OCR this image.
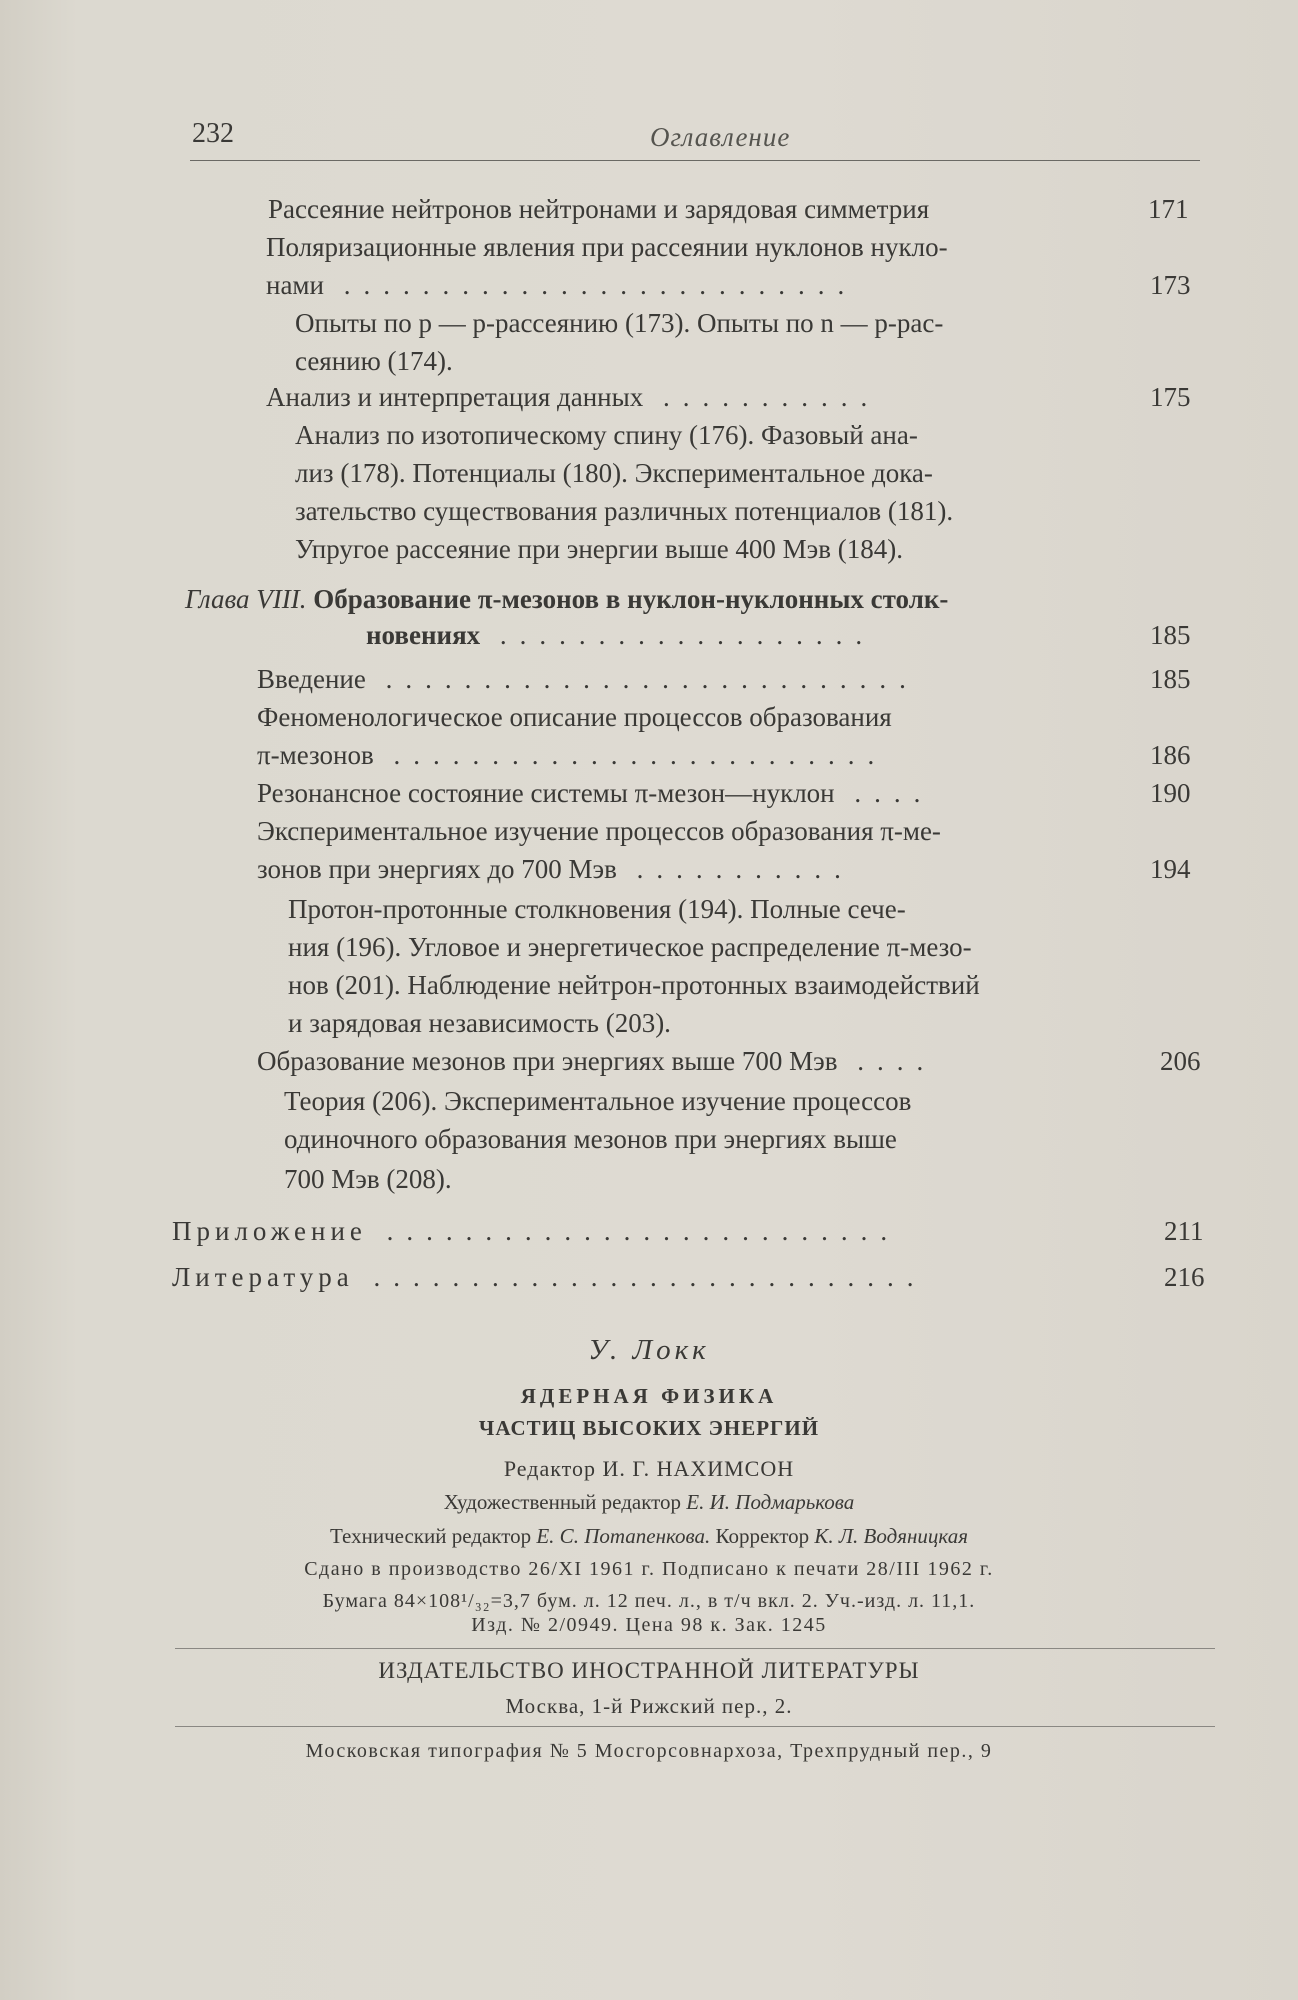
232	Оглавление
Рассеяние нейтронов нейтронами и зарядовая симметрия	171
Поляризационные явления при рассеянии нуклонов нукло-
нами ..........................	173
Опыты по p — p-рассеянию (173). Опыты по n — p-рас-
сеянию (174).
Анализ и интерпретация данных ...........	175
Анализ по изотопическому спину (176). Фазовый ана-
лиз (178). Потенциалы (180). Экспериментальное дока-
зательство существования различных потенциалов (181).
Упругое рассеяние при энергии выше 400 Мэв (184).
Глава VIII. Образование π-мезонов в нуклон-нуклонных столк-
новениях ...................	185
Введение ...........................	185
Феноменологическое описание процессов образования
π-мезонов .........................	186
Резонансное состояние системы π-мезон—нуклон ....	190
Экспериментальное изучение процессов образования π-ме-
зонов при энергиях до 700 Мэв ...........	194
Протон-протонные столкновения (194). Полные сече-
ния (196). Угловое и энергетическое распределение π-мезо-
нов (201). Наблюдение нейтрон-протонных взаимодействий
и зарядовая независимость (203).
Образование мезонов при энергиях выше 700 Мэв ....	206
Теория (206). Экспериментальное изучение процессов
одиночного образования мезонов при энергиях выше
700 Мэв (208).
Приложение ..........................	211
Литература ............................	216
У. Локк
ЯДЕРНАЯ ФИЗИКА
ЧАСТИЦ ВЫСОКИХ ЭНЕРГИЙ
Редактор И. Г. НАХИМСОН
Художественный редактор Е. И. Подмарькова
Технический редактор Е. С. Потапенкова. Корректор К. Л. Водяницкая
Сдано в производство 26/XI 1961 г. Подписано к печати 28/III 1962 г.
Бумага 84×108¹/₃₂=3,7 бум. л. 12 печ. л., в т/ч вкл. 2. Уч.-изд. л. 11,1.
Изд. № 2/0949. Цена 98 к. Зак. 1245
ИЗДАТЕЛЬСТВО ИНОСТРАННОЙ ЛИТЕРАТУРЫ
Москва, 1-й Рижский пер., 2.
Московская типография № 5 Мосгорсовнархоза, Трехпрудный пер., 9
